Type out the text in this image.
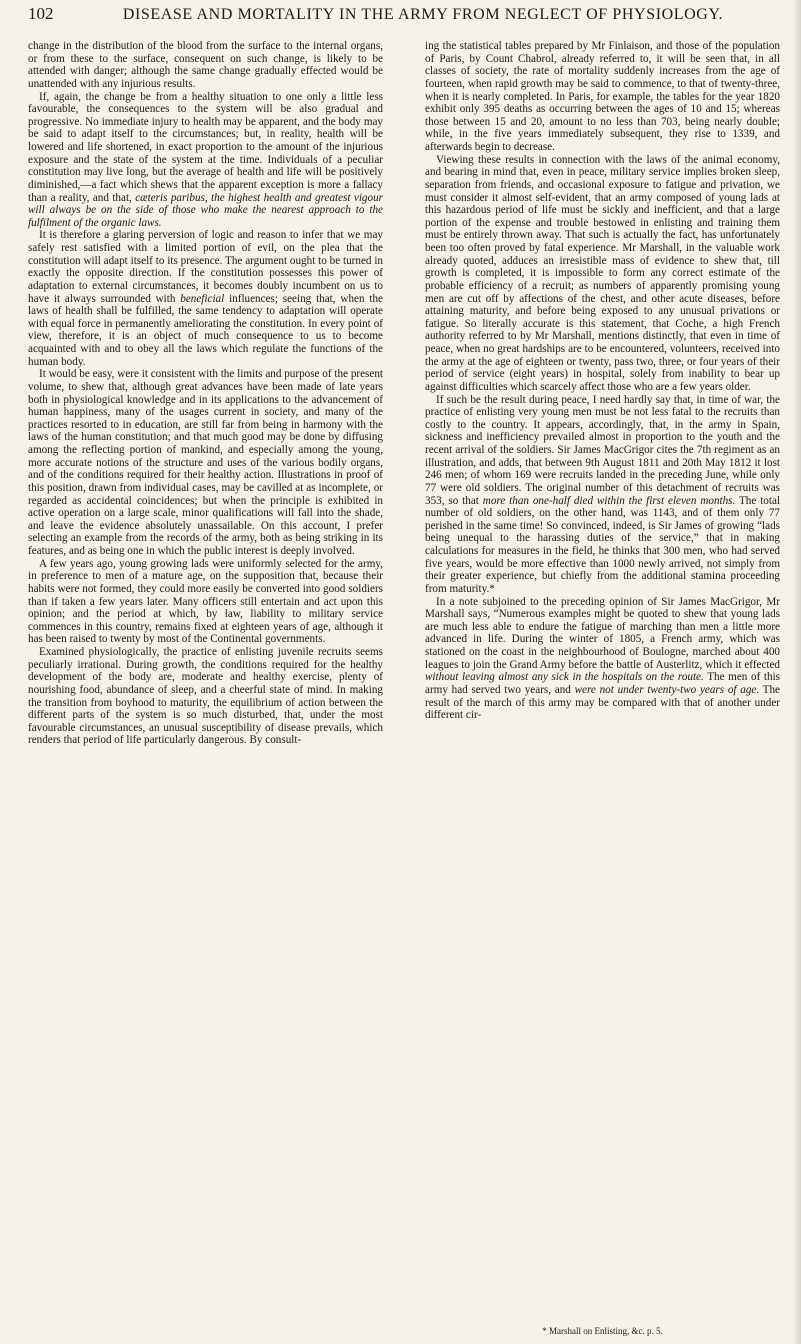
102	DISEASE AND MORTALITY IN THE ARMY FROM NEGLECT OF PHYSIOLOGY.

change in the distribution of the blood from the surface to the internal organs, or from these to the surface, consequent on such change, is likely to be attended with danger; although the same change gradually effected would be unattended with any injurious results.

If, again, the change be from a healthy situation to one only a little less favourable, the consequences to the system will be also gradual and progressive. No immediate injury to health may be apparent, and the body may be said to adapt itself to the circumstances; but, in reality, health will be lowered and life shortened, in exact proportion to the amount of the injurious exposure and the state of the system at the time. Individuals of a peculiar constitution may live long, but the average of health and life will be positively diminished,—a fact which shews that the apparent exception is more a fallacy than a reality, and that, cæteris paribus, the highest health and greatest vigour will always be on the side of those who make the nearest approach to the fulfilment of the organic laws.

It is therefore a glaring perversion of logic and reason to infer that we may safely rest satisfied with a limited portion of evil, on the plea that the constitution will adapt itself to its presence. The argument ought to be turned in exactly the opposite direction. If the constitution possesses this power of adaptation to external circumstances, it becomes doubly incumbent on us to have it always surrounded with beneficial influences; seeing that, when the laws of health shall be fulfilled, the same tendency to adaptation will operate with equal force in permanently ameliorating the constitution. In every point of view, therefore, it is an object of much consequence to us to become acquainted with and to obey all the laws which regulate the functions of the human body.

It would be easy, were it consistent with the limits and purpose of the present volume, to shew that, although great advances have been made of late years both in physiological knowledge and in its applications to the advancement of human happiness, many of the usages current in society, and many of the practices resorted to in education, are still far from being in harmony with the laws of the human constitution; and that much good may be done by diffusing among the reflecting portion of mankind, and especially among the young, more accurate notions of the structure and uses of the various bodily organs, and of the conditions required for their healthy action. Illustrations in proof of this position, drawn from individual cases, may be cavilled at as incomplete, or regarded as accidental coincidences; but when the principle is exhibited in active operation on a large scale, minor qualifications will fall into the shade, and leave the evidence absolutely unassailable. On this account, I prefer selecting an example from the records of the army, both as being striking in its features, and as being one in which the public interest is deeply involved.

A few years ago, young growing lads were uniformly selected for the army, in preference to men of a mature age, on the supposition that, because their habits were not formed, they could more easily be converted into good soldiers than if taken a few years later. Many officers still entertain and act upon this opinion; and the period at which, by law, liability to military service commences in this country, remains fixed at eighteen years of age, although it has been raised to twenty by most of the Continental governments.

Examined physiologically, the practice of enlisting juvenile recruits seems peculiarly irrational. During growth, the conditions required for the healthy development of the body are, moderate and healthy exercise, plenty of nourishing food, abundance of sleep, and a cheerful state of mind. In making the transition from boyhood to maturity, the equilibrium of action between the different parts of the system is so much disturbed, that, under the most favourable circumstances, an unusual susceptibility of disease prevails, which renders that period of life particularly dangerous. By consult-

ing the statistical tables prepared by Mr Finlaison, and those of the population of Paris, by Count Chabrol, already referred to, it will be seen that, in all classes of society, the rate of mortality suddenly increases from the age of fourteen, when rapid growth may be said to commence, to that of twenty-three, when it is nearly completed. In Paris, for example, the tables for the year 1820 exhibit only 395 deaths as occurring between the ages of 10 and 15; whereas those between 15 and 20, amount to no less than 703, being nearly double; while, in the five years immediately subsequent, they rise to 1339, and afterwards begin to decrease.

Viewing these results in connection with the laws of the animal economy, and bearing in mind that, even in peace, military service implies broken sleep, separation from friends, and occasional exposure to fatigue and privation, we must consider it almost self-evident, that an army composed of young lads at this hazardous period of life must be sickly and inefficient, and that a large portion of the expense and trouble bestowed in enlisting and training them must be entirely thrown away. That such is actually the fact, has unfortunately been too often proved by fatal experience. Mr Marshall, in the valuable work already quoted, adduces an irresistible mass of evidence to shew that, till growth is completed, it is impossible to form any correct estimate of the probable efficiency of a recruit; as numbers of apparently promising young men are cut off by affections of the chest, and other acute diseases, before attaining maturity, and before being exposed to any unusual privations or fatigue. So literally accurate is this statement, that Coche, a high French authority referred to by Mr Marshall, mentions distinctly, that even in time of peace, when no great hardships are to be encountered, volunteers, received into the army at the age of eighteen or twenty, pass two, three, or four years of their period of service (eight years) in hospital, solely from inability to bear up against difficulties which scarcely affect those who are a few years older.

If such be the result during peace, I need hardly say that, in time of war, the practice of enlisting very young men must be not less fatal to the recruits than costly to the country. It appears, accordingly, that, in the army in Spain, sickness and inefficiency prevailed almost in proportion to the youth and the recent arrival of the soldiers. Sir James MacGrigor cites the 7th regiment as an illustration, and adds, that between 9th August 1811 and 20th May 1812 it lost 246 men; of whom 169 were recruits landed in the preceding June, while only 77 were old soldiers. The original number of this detachment of recruits was 353, so that more than one-half died within the first eleven months. The total number of old soldiers, on the other hand, was 1143, and of them only 77 perished in the same time! So convinced, indeed, is Sir James of growing “lads being unequal to the harassing duties of the service,” that in making calculations for measures in the field, he thinks that 300 men, who had served five years, would be more effective than 1000 newly arrived, not simply from their greater experience, but chiefly from the additional stamina proceeding from maturity.*

In a note subjoined to the preceding opinion of Sir James MacGrigor, Mr Marshall says, “Numerous examples might be quoted to shew that young lads are much less able to endure the fatigue of marching than men a little more advanced in life. During the winter of 1805, a French army, which was stationed on the coast in the neighbourhood of Boulogne, marched about 400 leagues to join the Grand Army before the battle of Austerlitz, which it effected without leaving almost any sick in the hospitals on the route. The men of this army had served two years, and were not under twenty-two years of age. The result of the march of this army may be compared with that of another under different cir-

* Marshall on Enlisting, &c. p. 5.
